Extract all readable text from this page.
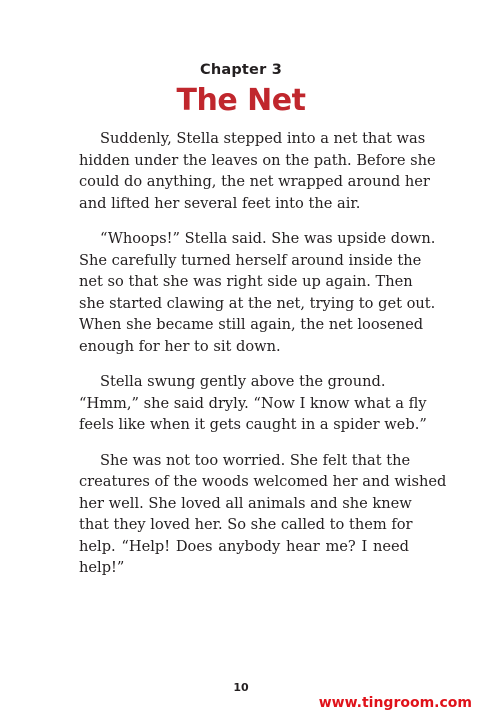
Chapter 3
The Net

Suddenly, Stella stepped into a net that was
hidden under the leaves on the path. Before she
could do anything, the net wrapped around her
and lifted her several feet into the air.

“Whoops!” Stella said. She was upside down.
She carefully turned herself around inside the
net so that she was right side up again. Then
she started clawing at the net, trying to get out.
When she became still again, the net loosened
enough for her to sit down.

Stella swung gently above the ground.
“Hmm,” she said dryly. “Now I know what a fly
feels like when it gets caught in a spider web.”

She was not too worried. She felt that the
creatures of the woods welcomed her and wished
her well. She loved all animals and she knew
that they loved her. So she called to them for
help. “Help! Does anybody hear me? I need
help!”

10
www.tingroom.com
